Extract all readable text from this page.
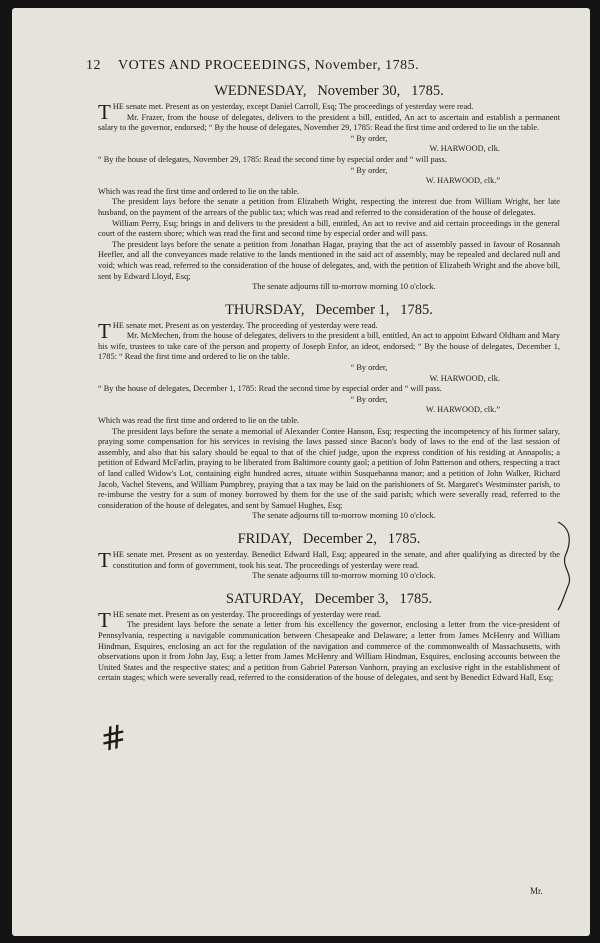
#
12 VOTES AND PROCEEDINGS, November, 1785.
WEDNESDAY, November 30, 1785.

THE senate met. Present as on yesterday, except Daniel Carroll, Esq; The proceedings of yesterday were read.

Mr. Frazer, from the house of delegates, delivers to the president a bill, entitled, An act to ascertain and establish a permanent salary to the governor, endorsed; “ By the house of delegates, November 29, 1785: Read the first time and ordered to lie on the table.

“ By order,

W. HARWOOD, clk.

“ By the house of delegates, November 29, 1785: Read the second time by especial order and “ will pass.

“ By order,

W. HARWOOD, clk.”

Which was read the first time and ordered to lie on the table.

The president lays before the senate a petition from Elizabeth Wright, respecting the interest due from William Wright, her late husband, on the payment of the arrears of the public tax; which was read and referred to the consideration of the house of delegates.

William Perry, Esq; brings in and delivers to the president a bill, entitled, An act to revive and aid certain proceedings in the general court of the eastern shore; which was read the first and second time by especial order and will pass.

The president lays before the senate a petition from Jonathan Hagar, praying that the act of assembly passed in favour of Rosannah Heefler, and all the conveyances made relative to the lands mentioned in the said act of assembly, may be repealed and declared null and void; which was read, referred to the consideration of the house of delegates, and, with the petition of Elizabeth Wright and the above bill, sent by Edward Lloyd, Esq;

The senate adjourns till to-morrow morning 10 o'clock.

THURSDAY, December 1, 1785.

THE senate met. Present as on yesterday. The proceeding of yesterday were read.

Mr. McMechen, from the house of delegates, delivers to the president a bill, entitled, An act to appoint Edward Oldham and Mary his wife, trustees to take care of the person and property of Joseph Enfor, an ideot, endorsed; “ By the house of delegates, December 1, 1785: “ Read the first time and ordered to lie on the table.

“ By order,

W. HARWOOD, clk.

“ By the house of delegates, December 1, 1785: Read the second time by especial order and “ will pass.

“ By order,

W. HARWOOD, clk.”

Which was read the first time and ordered to lie on the table.

The president lays before the senate a memorial of Alexander Contee Hanson, Esq; respecting the incompetency of his former salary, praying some compensation for his services in revising the laws passed since Bacon's body of laws to the end of the last session of assembly, and also that his salary should be equal to that of the chief judge, upon the express condition of his residing at Annapolis; a petition of Edward McFarlin, praying to be liberated from Baltimore county gaol; a petition of John Patterson and others, respecting a tract of land called Widow's Lot, containing eight hundred acres, situate within Susquehanna manor; and a petition of John Walker, Richard Jacob, Vachel Stevens, and William Pumphrey, praying that a tax may be laid on the parishioners of St. Margaret's Westminster parish, to re-imburse the vestry for a sum of money borrowed by them for the use of the said parish; which were severally read, referred to the consideration of the house of delegates, and sent by Samuel Hughes, Esq;

The senate adjourns till to-morrow morning 10 o'clock.

FRIDAY, December 2, 1785.

THE senate met. Present as on yesterday. Benedict Edward Hall, Esq; appeared in the senate, and after qualifying as directed by the constitution and form of government, took his seat. The proceedings of yesterday were read.

The senate adjourns till to-morrow morning 10 o'clock.

SATURDAY, December 3, 1785.

THE senate met. Present as on yesterday. The proceedings of yesterday were read.

The president lays before the senate a letter from his excellency the governor, enclosing a letter from the vice-president of Pennsylvania, respecting a navigable communication between Chesapeake and Delaware; a letter from James McHenry and William Hindman, Esquires, enclosing an act for the regulation of the navigation and commerce of the commonwealth of Massachusetts, with observations upon it from John Jay, Esq; a letter from James McHenry and William Hindman, Esquires, enclosing accounts between the United States and the respective states; and a petition from Gabriel Paterson Vanhorn, praying an exclusive right in the establishment of certain stages; which were severally read, referred to the consideration of the house of delegates, and sent by Benedict Edward Hall, Esq;

Mr.
